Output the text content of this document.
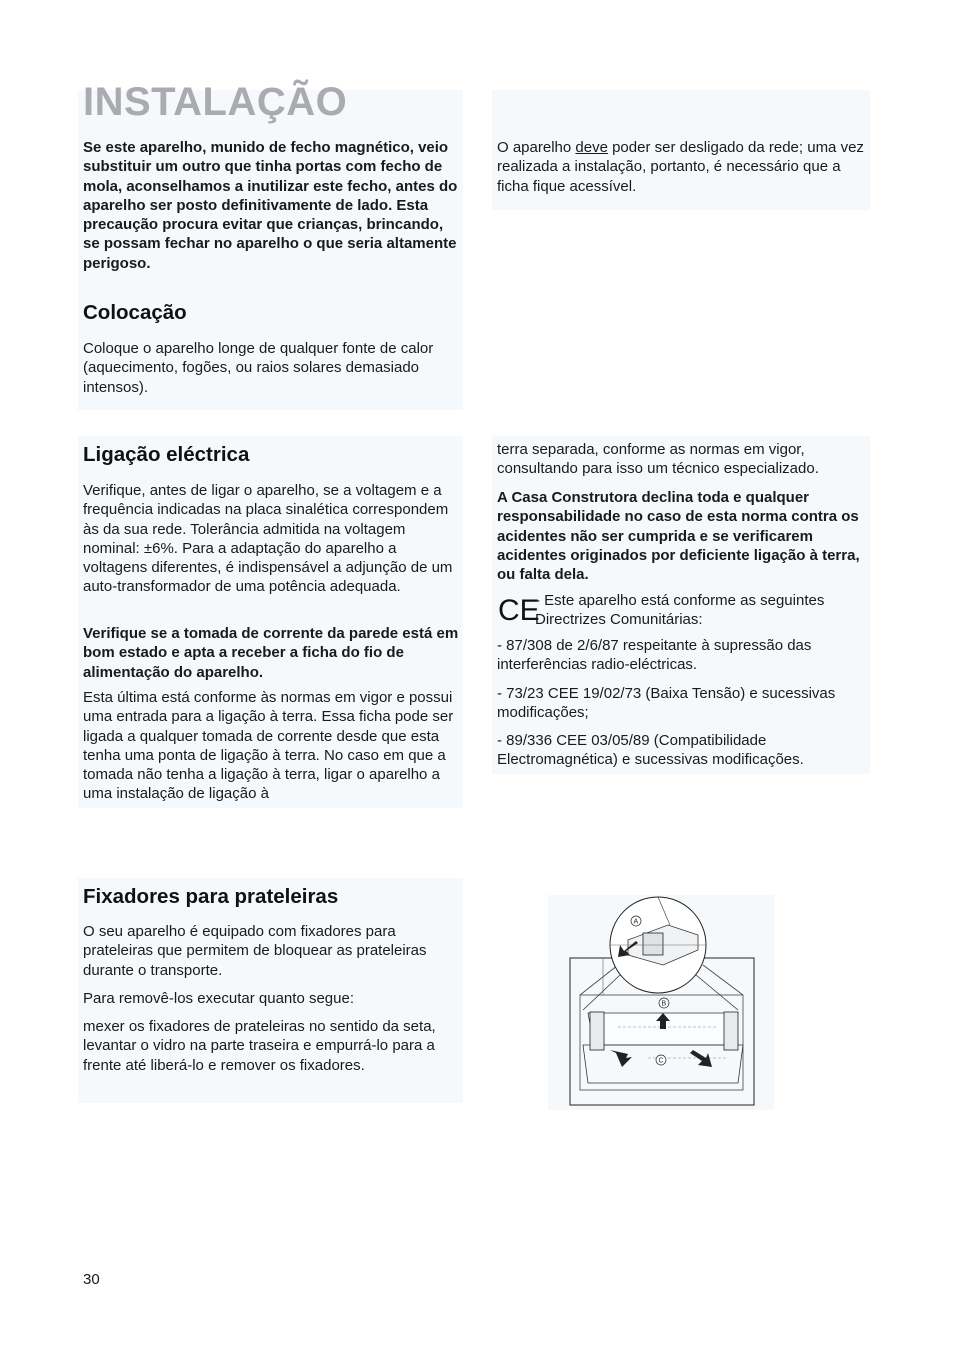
INSTALAÇÃO

Se este aparelho, munido de fecho magnético, veio substituir um outro que tinha portas com fecho de mola, aconselhamos a inutilizar este fecho, antes do aparelho ser posto definitivamente de lado. Esta precaução procura evitar que crianças, brincando, se possam fechar no aparelho o que seria altamente perigoso.

O aparelho deve poder ser desligado da rede; uma vez realizada a instalação, portanto, é necessário que a ficha fique acessível.

Colocação

Coloque o aparelho longe de qualquer fonte de calor (aquecimento, fogões, ou raios solares demasiado intensos).

Ligação eléctrica

Verifique, antes de ligar o aparelho, se a voltagem e a frequência indicadas na placa sinalética correspondem às da sua rede. Tolerância admitida na voltagem nominal: ±6%. Para a adaptação do aparelho a voltagens diferentes, é indispensável a adjunção de um auto-transformador de uma potência adequada.

Verifique se a tomada de corrente da parede está em bom estado e apta a receber a ficha do fio de alimentação do aparelho.

Esta última está conforme às normas em vigor e possui uma entrada para a ligação à terra. Essa ficha pode ser ligada a qualquer tomada de corrente desde que esta tenha uma ponta de ligação à terra. No caso em que a tomada não tenha a ligação à terra, ligar o aparelho a uma instalação de ligação à

terra separada, conforme as normas em vigor, consultando para isso um técnico especializado.

A Casa Construtora declina toda e qualquer responsabilidade no caso de esta norma contra os acidentes não ser cumprida e se verificarem acidentes originados por deficiente ligação à terra, ou falta dela.

CE

- Este aparelho está conforme as seguintes Directrizes Comunitárias:

- 87/308 de 2/6/87 respeitante à supressão das interferências radio-eléctricas.

- 73/23 CEE 19/02/73 (Baixa Tensão) e sucessivas modificações;

- 89/336 CEE 03/05/89 (Compatibilidade Electromagnética) e sucessivas modificações.

Fixadores para prateleiras

O seu aparelho é equipado com fixadores para prateleiras que permitem de bloquear as prateleiras durante o transporte.

Para removê-los executar quanto segue:

mexer os fixadores de prateleiras no sentido da seta, levantar o vidro na parte traseira e empurrá-lo para a frente até liberá-lo e remover os fixadores.

A
B
C
30
